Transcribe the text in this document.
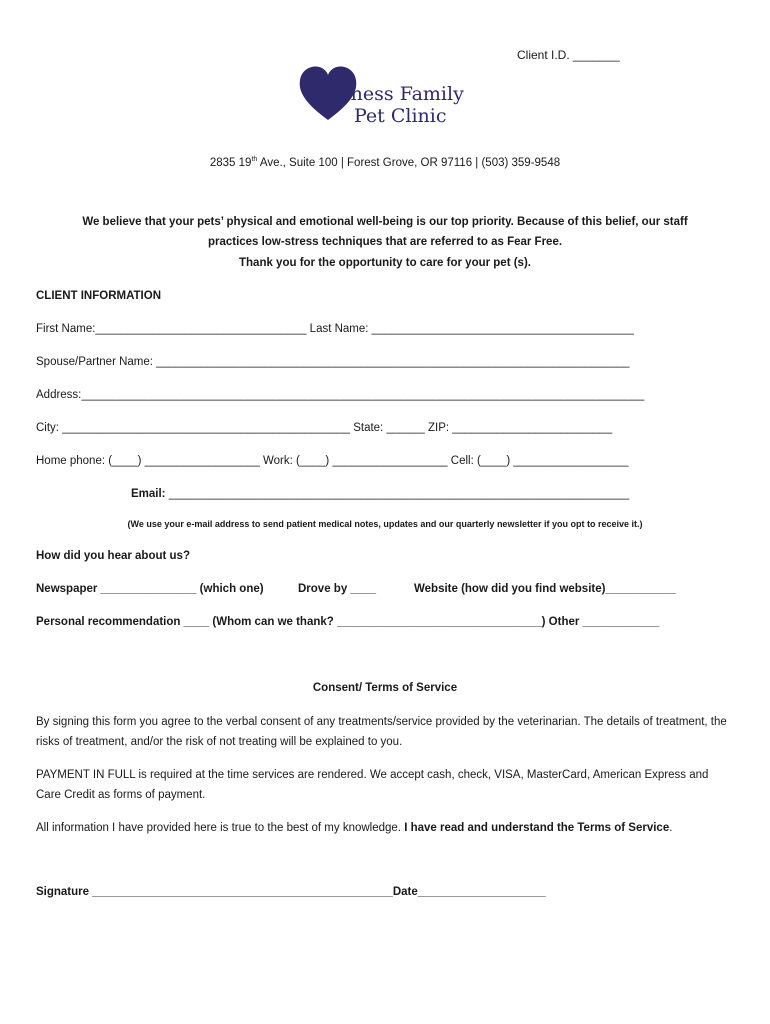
Client I.D. _______
Kindness Family
Pet Clinic
2835 19th Ave., Suite 100 | Forest Grove, OR 97116 | (503) 359-9548
We believe that your pets’ physical and emotional well-being is our top priority. Because of this belief, our staff
practices low-stress techniques that are referred to as Fear Free.
Thank you for the opportunity to care for your pet (s).
CLIENT INFORMATION
First Name:_________________________________ Last Name: _________________________________________
Spouse/Partner Name: __________________________________________________________________________
Address:________________________________________________________________________________________
City: _____________________________________________ State: ______ ZIP: _________________________
Home phone: (____) __________________ Work: (____) __________________ Cell: (____) __________________
Email: ________________________________________________________________________
(We use your e-mail address to send patient medical notes, updates and our quarterly newsletter if you opt to receive it.)
How did you hear about us?
Newspaper _______________ (which one)	Drove by ____	Website (how did you find website)___________
Personal recommendation ____ (Whom can we thank? ________________________________) Other ____________
Consent/ Terms of Service
By signing this form you agree to the verbal consent of any treatments/service provided by the veterinarian. The details of treatment, the risks of treatment, and/or the risk of not treating will be explained to you.
PAYMENT IN FULL is required at the time services are rendered. We accept cash, check, VISA, MasterCard, American Express and Care Credit as forms of payment.
All information I have provided here is true to the best of my knowledge. I have read and understand the Terms of Service.
Signature _______________________________________________Date____________________
